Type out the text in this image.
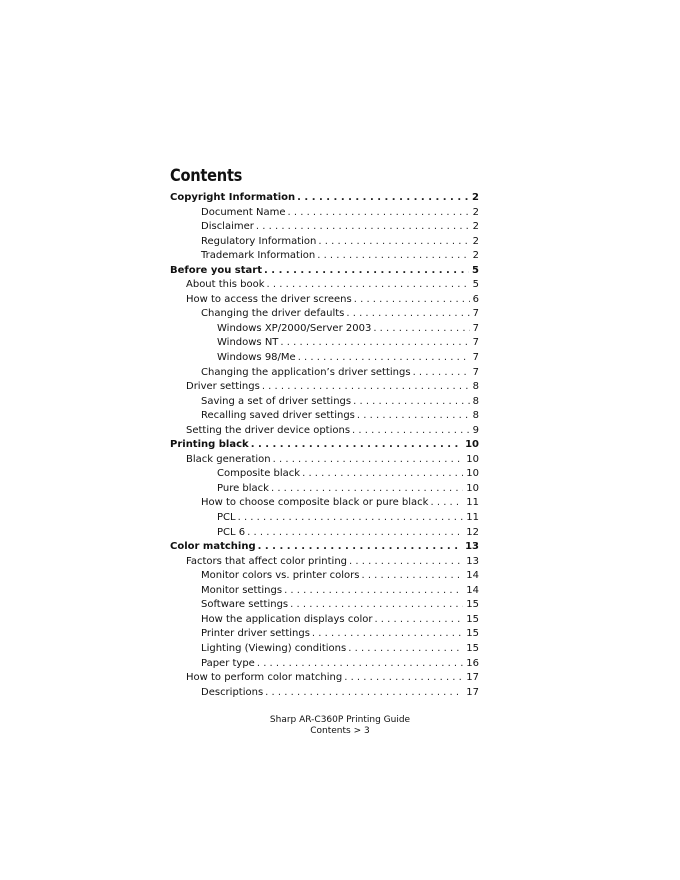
Contents
Copyright Information . . .	2
Document Name . . .	2
Disclaimer . . .	2
Regulatory Information . . .	2
Trademark Information . . .	2
Before you start . . .	5
About this book . . .	5
How to access the driver screens . . .	6
Changing the driver defaults . . .	7
Windows XP/2000/Server 2003 . . .	7
Windows NT . . .	7
Windows 98/Me . . .	7
Changing the application’s driver settings . . .	7
Driver settings . . .	8
Saving a set of driver settings . . .	8
Recalling saved driver settings . . .	8
Setting the driver device options . . .	9
Printing black . . .	10
Black generation . . .	10
Composite black . . .	10
Pure black . . .	10
How to choose composite black or pure black . . .	11
PCL . . .	11
PCL 6 . . .	12
Color matching . . .	13
Factors that affect color printing . . .	13
Monitor colors vs. printer colors . . .	14
Monitor settings . . .	14
Software settings . . .	15
How the application displays color . . .	15
Printer driver settings . . .	15
Lighting (Viewing) conditions . . .	15
Paper type . . .	16
How to perform color matching . . .	17
Descriptions . . .	17
Sharp AR-C360P Printing Guide
Contents > 3
